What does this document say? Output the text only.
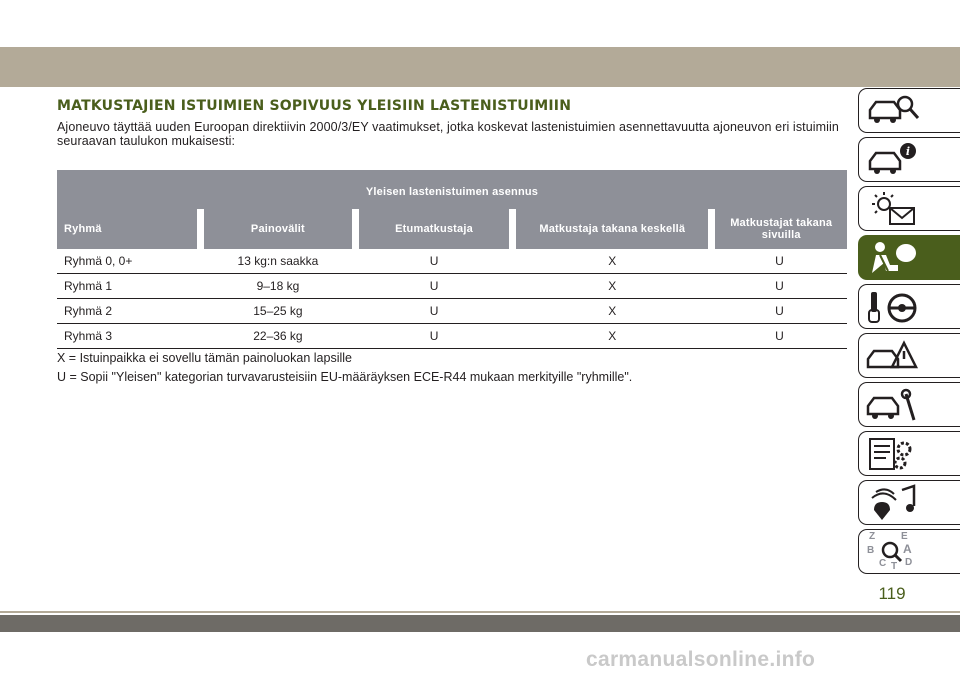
MATKUSTAJIEN ISTUIMIEN SOPIVUUS YLEISIIN LASTENISTUIMIIN

Ajoneuvo täyttää uuden Euroopan direktiivin 2000/3/EY vaatimukset, jotka koskevat lastenistuimien asennettavuutta ajoneuvon eri istuimiin seuraavan taulukon mukaisesti:

Yleisen lastenistuimen asennus				
Ryhmä	Painovälit	Etumatkustaja	Matkustaja takana keskellä	Matkustajat takana sivuilla
Ryhmä 0, 0+	13 kg:n saakka	U	X	U
Ryhmä 1	9–18 kg	U	X	U
Ryhmä 2	15–25 kg	U	X	U
Ryhmä 3	22–36 kg	U	X	U

X = Istuinpaikka ei sovellu tämän painoluokan lapsille

U = Sopii "Yleisen" kategorian turvavarusteisiin EU-määräyksen ECE-R44 mukaan merkityille "ryhmille".

i
Z	E
A
B
C D
T
119
carmanualsonline.info
